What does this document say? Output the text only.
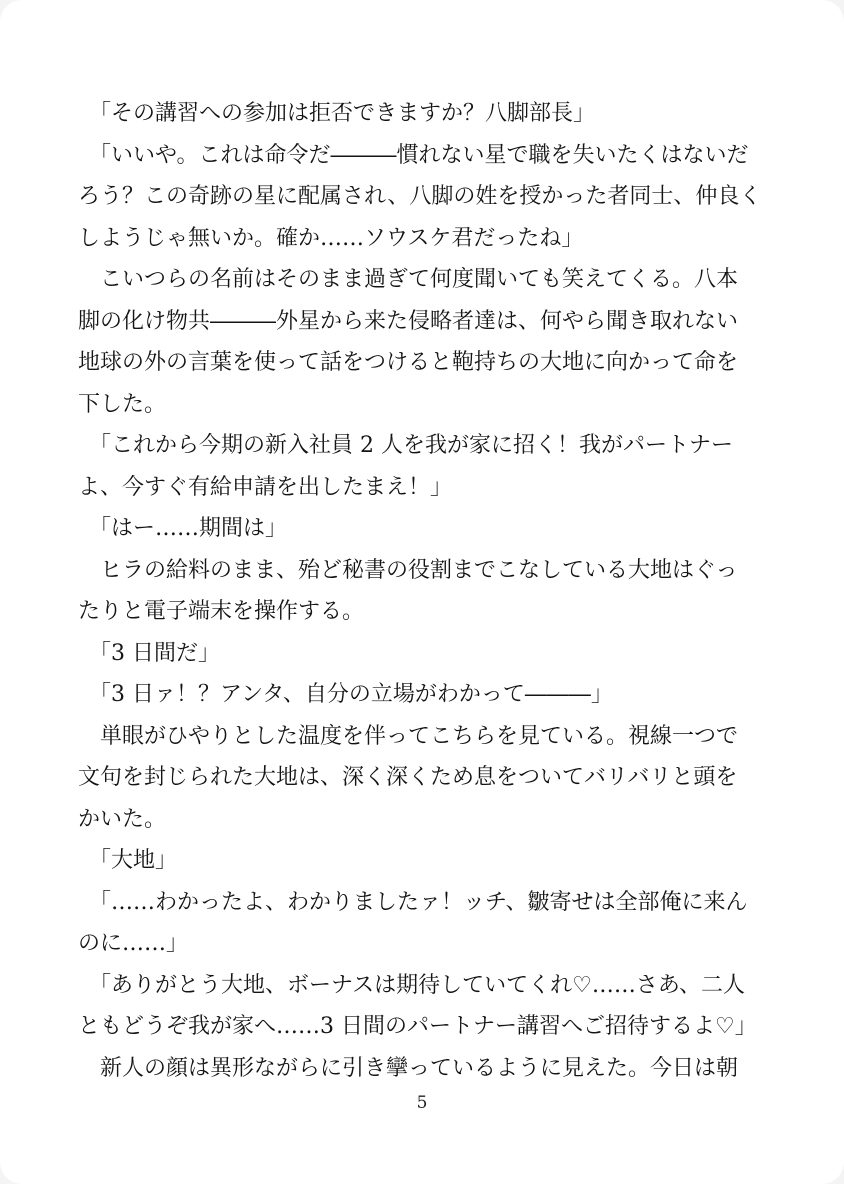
　「その講習への参加は拒否できますか？八脚部長」
　「いいや。これは命令だ―――慣れない星で職を失いたくはないだ
ろう？この奇跡の星に配属され、八脚の姓を授かった者同士、仲良く
しようじゃ無いか。確か……ソウスケ君だったね」
　こいつらの名前はそのまま過ぎて何度聞いても笑えてくる。八本
脚の化け物共―――外星から来た侵略者達は、何やら聞き取れない
地球の外の言葉を使って話をつけると鞄持ちの大地に向かって命を
下した。
　「これから今期の新入社員 2 人を我が家に招く！我がパートナー
よ、今すぐ有給申請を出したまえ！」
　「はー……期間は」
　ヒラの給料のまま、殆ど秘書の役割までこなしている大地はぐっ
たりと電子端末を操作する。
　「3 日間だ」
　「3 日ァ！？アンタ、自分の立場がわかって―――」
　単眼がひやりとした温度を伴ってこちらを見ている。視線一つで
文句を封じられた大地は、深く深くため息をついてバリバリと頭を
かいた。
　「大地」
　「……わかったよ、わかりましたァ！ッチ、皺寄せは全部俺に来ん
のに……」
　「ありがとう大地、ボーナスは期待していてくれ♡……さあ、二人
ともどうぞ我が家へ……3 日間のパートナー講習へご招待するよ♡」
　新人の顔は異形ながらに引き攣っているように見えた。今日は朝
5
